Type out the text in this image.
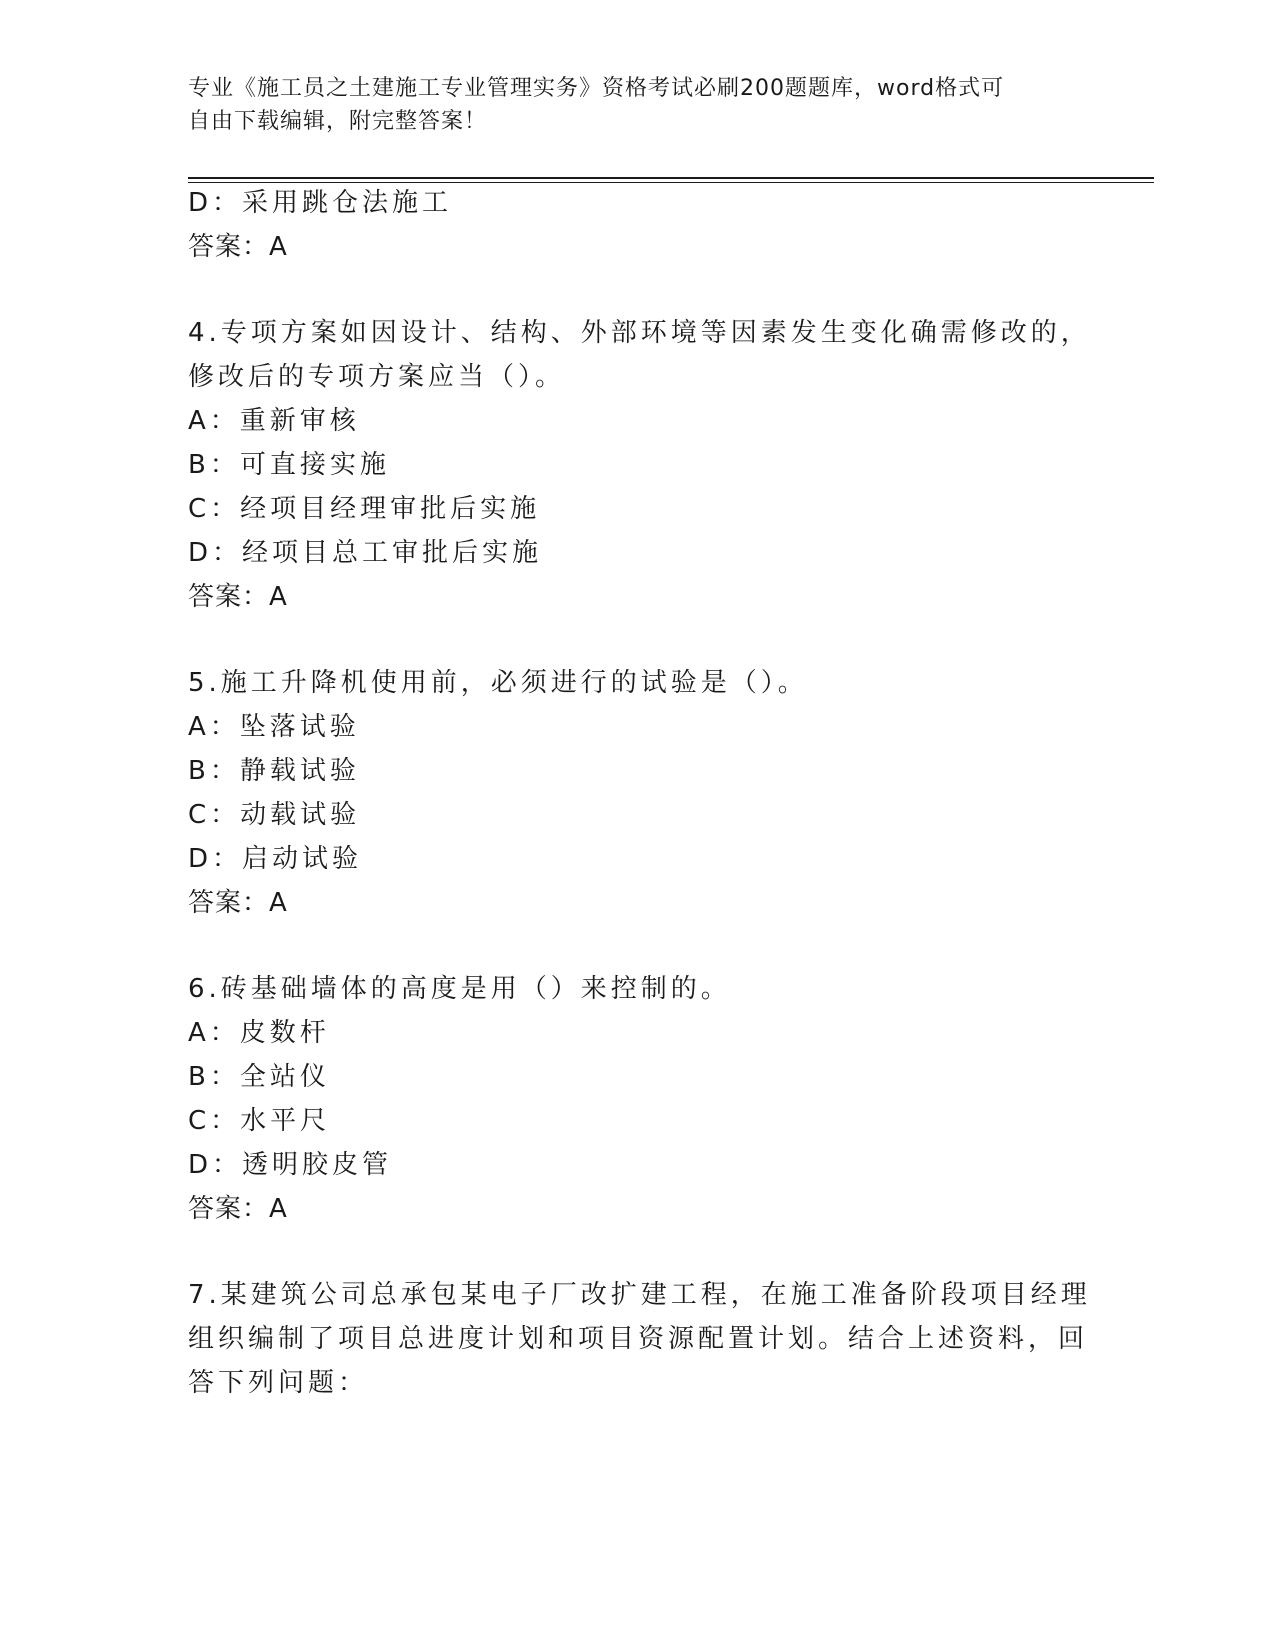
专业《施工员之土建施工专业管理实务》资格考试必刷200题题库，word格式可
自由下载编辑，附完整答案！
D：采用跳仓法施工
答案：A
4.专项方案如因设计、结构、外部环境等因素发生变化确需修改的，
修改后的专项方案应当（）。
A：重新审核
B：可直接实施
C：经项目经理审批后实施
D：经项目总工审批后实施
答案：A
5.施工升降机使用前，必须进行的试验是（）。
A：坠落试验
B：静载试验
C：动载试验
D：启动试验
答案：A
6.砖基础墙体的高度是用（）来控制的。
A：皮数杆
B：全站仪
C：水平尺
D：透明胶皮管
答案：A
7.某建筑公司总承包某电子厂改扩建工程，在施工准备阶段项目经理
组织编制了项目总进度计划和项目资源配置计划。结合上述资料，回
答下列问题：
